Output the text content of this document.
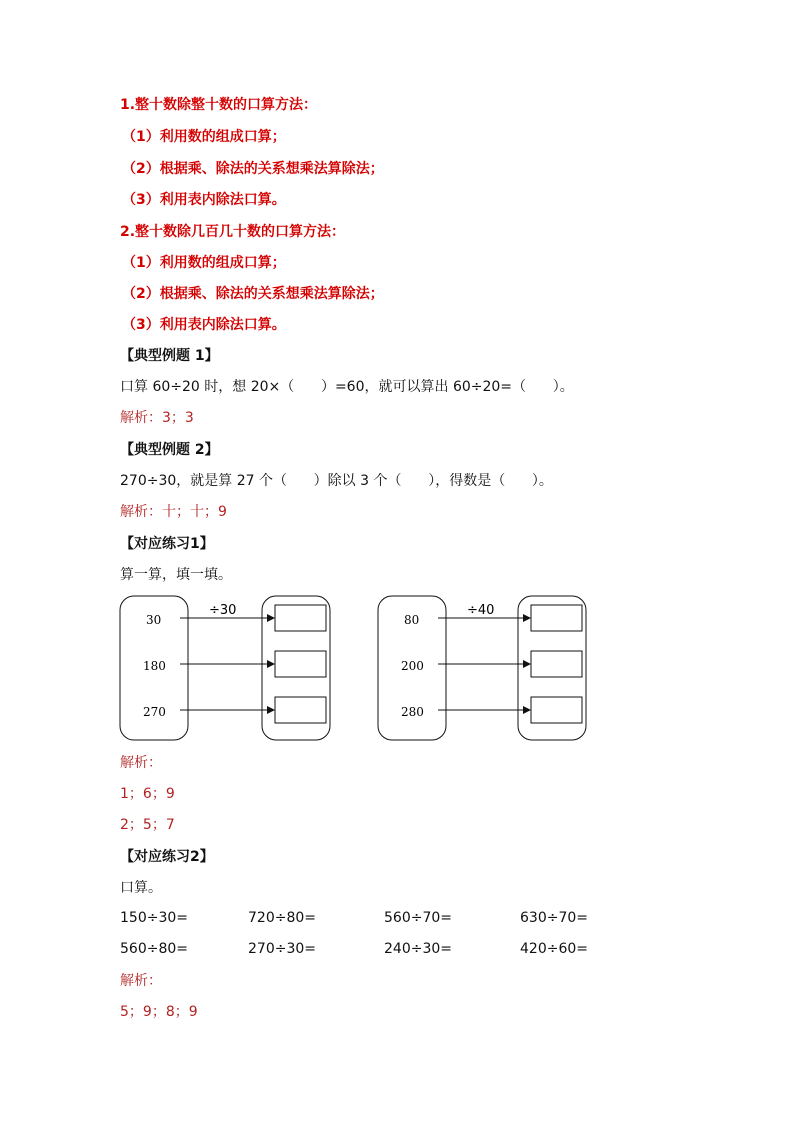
1.整十数除整十数的口算方法：
（1）利用数的组成口算；
（2）根据乘、除法的关系想乘法算除法；
（3）利用表内除法口算。
2.整十数除几百几十数的口算方法：
（1）利用数的组成口算；
（2）根据乘、除法的关系想乘法算除法；
（3）利用表内除法口算。
【典型例题 1】
口算 60÷20 时，想 20×（      ）=60，就可以算出 60÷20=（      ）。
解析：3；3
【典型例题 2】
270÷30，就是算 27 个（      ）除以 3 个（      ），得数是（      ）。
解析：十；十；9
【对应练习1】
算一算，填一填。
÷30
30
180
270
÷40
80
200
280
解析：
1；6；9
2；5；7
【对应练习2】
口算。
150÷30=	720÷80=	560÷70=	630÷70=
560÷80=	270÷30=	240÷30=	420÷60=
解析：
5；9；8；9
